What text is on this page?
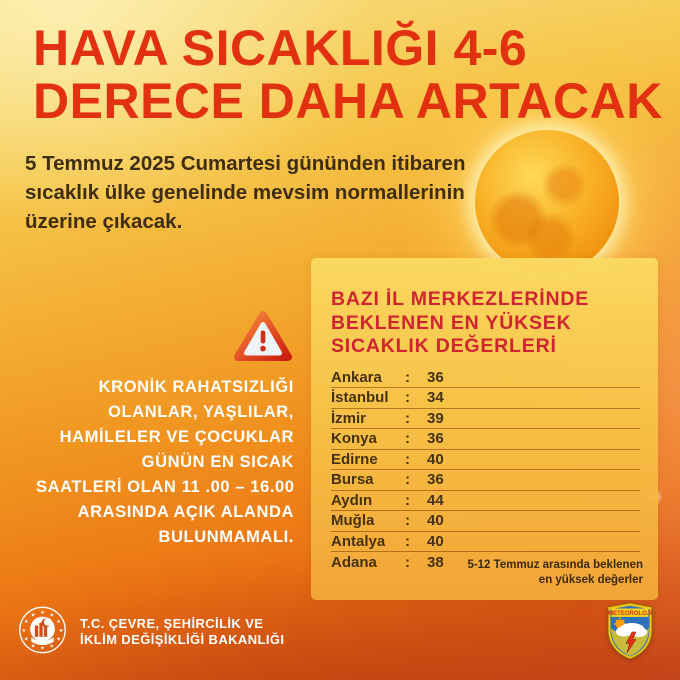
HAVA SICAKLIĞI 4-6
DERECE DAHA ARTACAK

5 Temmuz 2025 Cumartesi gününden itibaren
sıcaklık ülke genelinde mevsim normallerinin
üzerine çıkacak.

KRONİK RAHATSIZLIĞI
OLANLAR, YAŞLILAR,
HAMİLELER VE ÇOCUKLAR
GÜNÜN EN SICAK
SAATLERİ OLAN 11 .00 – 16.00
ARASINDA AÇIK ALANDA
BULUNMAMALI.
BAZI İL MERKEZLERİNDE
BEKLENEN EN YÜKSEK
SICAKLIK DEĞERLERİ
Ankara	:	36
İstanbul	:	34
İzmir	:	39
Konya	:	36
Edirne	:	40
Bursa	:	36
Aydın	:	44
Muğla	:	40
Antalya	:	40
Adana	:	38	5-12 Temmuz arasında beklenen
en yüksek değerler
★ ★
★
★
★
★
★
★
★
★
★
★
T.C. ÇEVRE, ŞEHİRCİLİK VE
İKLİM DEĞİŞİKLİĞİ BAKANLIĞI
METEOROLOJİ
